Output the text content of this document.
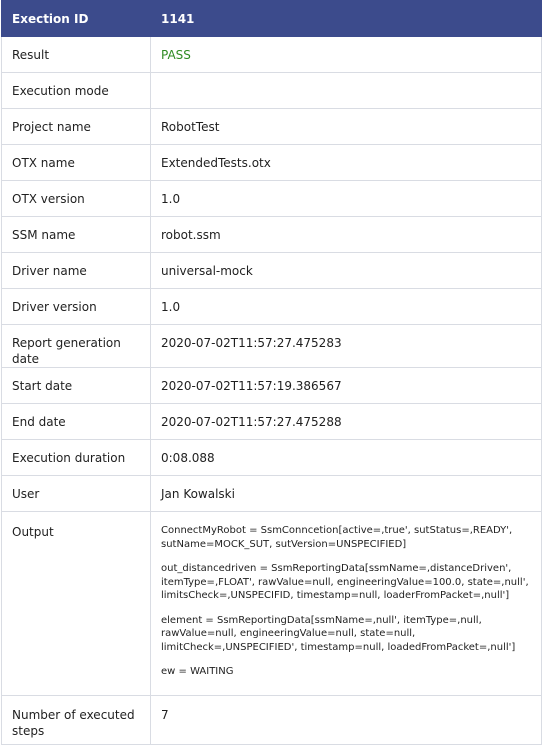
Exection ID	1141

Result	PASS

Execution mode	

Project name	RobotTest

OTX name	ExtendedTests.otx

OTX version	1.0

SSM name	robot.ssm

Driver name	universal-mock

Driver version	1.0

Report generation date	2020-07-02T11:57:27.475283

Start date	2020-07-02T11:57:19.386567

End date	2020-07-02T11:57:27.475288

Execution duration	0:08.088

User	Jan Kowalski

Output	ConnectMyRobot = SsmConncetion[active=,true', sutStatus=,READY', sutName=MOCK_SUT, sutVersion=UNSPECIFIED]

out_distancedriven = SsmReportingData[ssmName=,distanceDriven', itemType=,FLOAT', rawValue=null, engineeringValue=100.0, state=,null', limitsCheck=,UNSPECIFID, timestamp=null, loaderFromPacket=,null']

element = SsmReportingData[ssmName=,null', itemType=,null, rawValue=null, engineeringValue=null, state=null, limitCheck=,UNSPECIFIED', timestamp=null, loadedFromPacket=,null']

ew = WAITING

Number of executed steps	7
